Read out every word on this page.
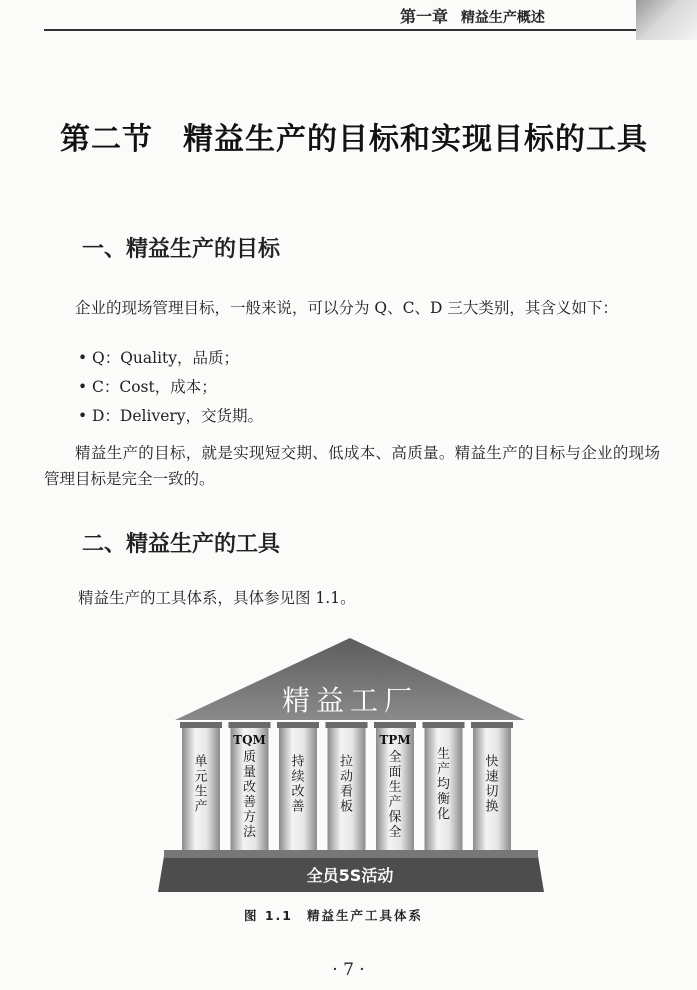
第一章 精益生产概述
第二节 精益生产的目标和实现目标的工具
一、精益生产的目标
企业的现场管理目标，一般来说，可以分为 Q、C、D 三大类别，其含义如下：
• Q：Quality，品质；
• C：Cost，成本；
• D：Delivery，交货期。
精益生产的目标，就是实现短交期、低成本、高质量。精益生产的目标与企业的现场管理目标是完全一致的。
二、精益生产的工具
精益生产的工具体系，具体参见图 1.1。
精益工厂
单
元
生
产
TQM
质
量
改
善
方
法
持
续
改
善
拉
动
看
板
TPM
全
面
生
产
保
全
生
产
均
衡
化
快
速
切
换
全员5S活动
图 1.1 精益生产工具体系
· 7 ·
